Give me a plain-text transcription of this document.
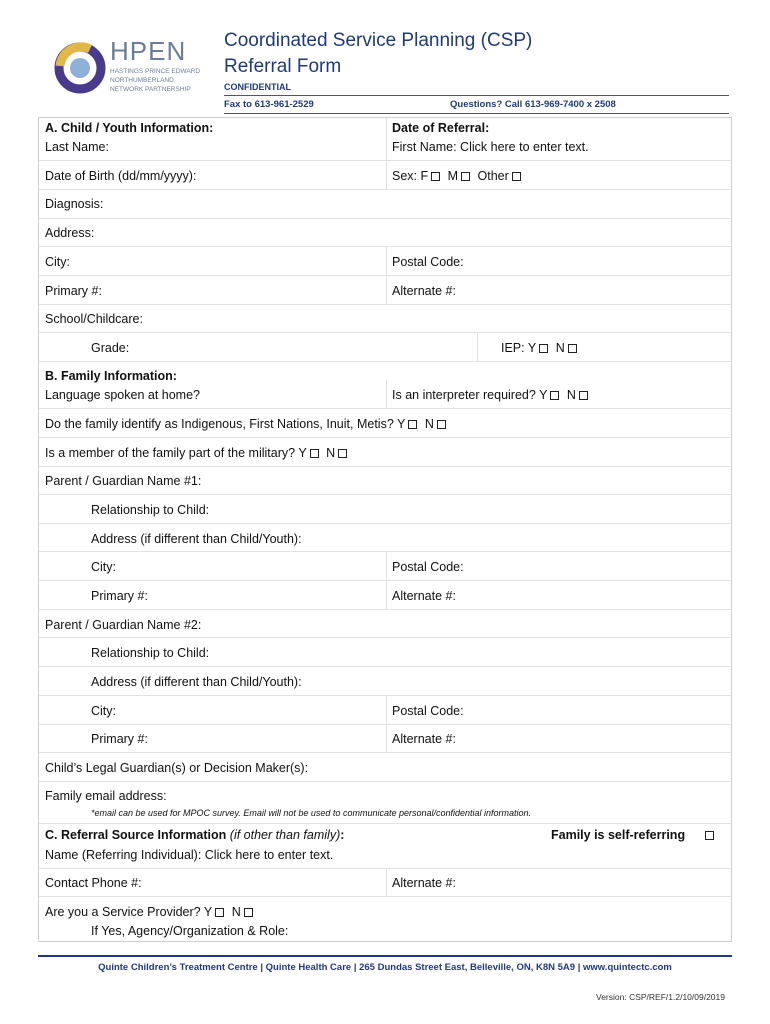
HPEN
HASTINGS PRINCE EDWARD
NORTHUMBERLAND
NETWORK PARTNERSHIP
Coordinated Service Planning (CSP)
Referral Form
CONFIDENTIAL
Fax to 613-961-2529	Questions? Call 613-969-7400 x 2508
A. Child / Youth Information:	Date of Referral:
Last Name:	First Name: Click here to enter text.
Date of Birth (dd/mm/yyyy):	Sex: F M Other
Diagnosis:
Address:
City:	Postal Code:
Primary #:	Alternate #:
School/Childcare:
Grade:	IEP: Y N
B. Family Information:
Language spoken at home?	Is an interpreter required? Y N
Do the family identify as Indigenous, First Nations, Inuit, Metis? Y N
Is a member of the family part of the military? Y N
Parent / Guardian Name #1:
Relationship to Child:
Address (if different than Child/Youth):
City:	Postal Code:
Primary #:	Alternate #:
Parent / Guardian Name #2:
Relationship to Child:
Address (if different than Child/Youth):
City:	Postal Code:
Primary #:	Alternate #:
Child’s Legal Guardian(s) or Decision Maker(s):
Family email address:
*email can be used for MPOC survey. Email will not be used to communicate personal/confidential information.
C. Referral Source Information (if other than family):	Family is self-referring
Name (Referring Individual): Click here to enter text.
Contact Phone #:	Alternate #:
Are you a Service Provider? Y N
If Yes, Agency/Organization & Role:
Quinte Children’s Treatment Centre | Quinte Health Care | 265 Dundas Street East, Belleville, ON, K8N 5A9 | www.quintectc.com
Version: CSP/REF/1.2/10/09/2019
